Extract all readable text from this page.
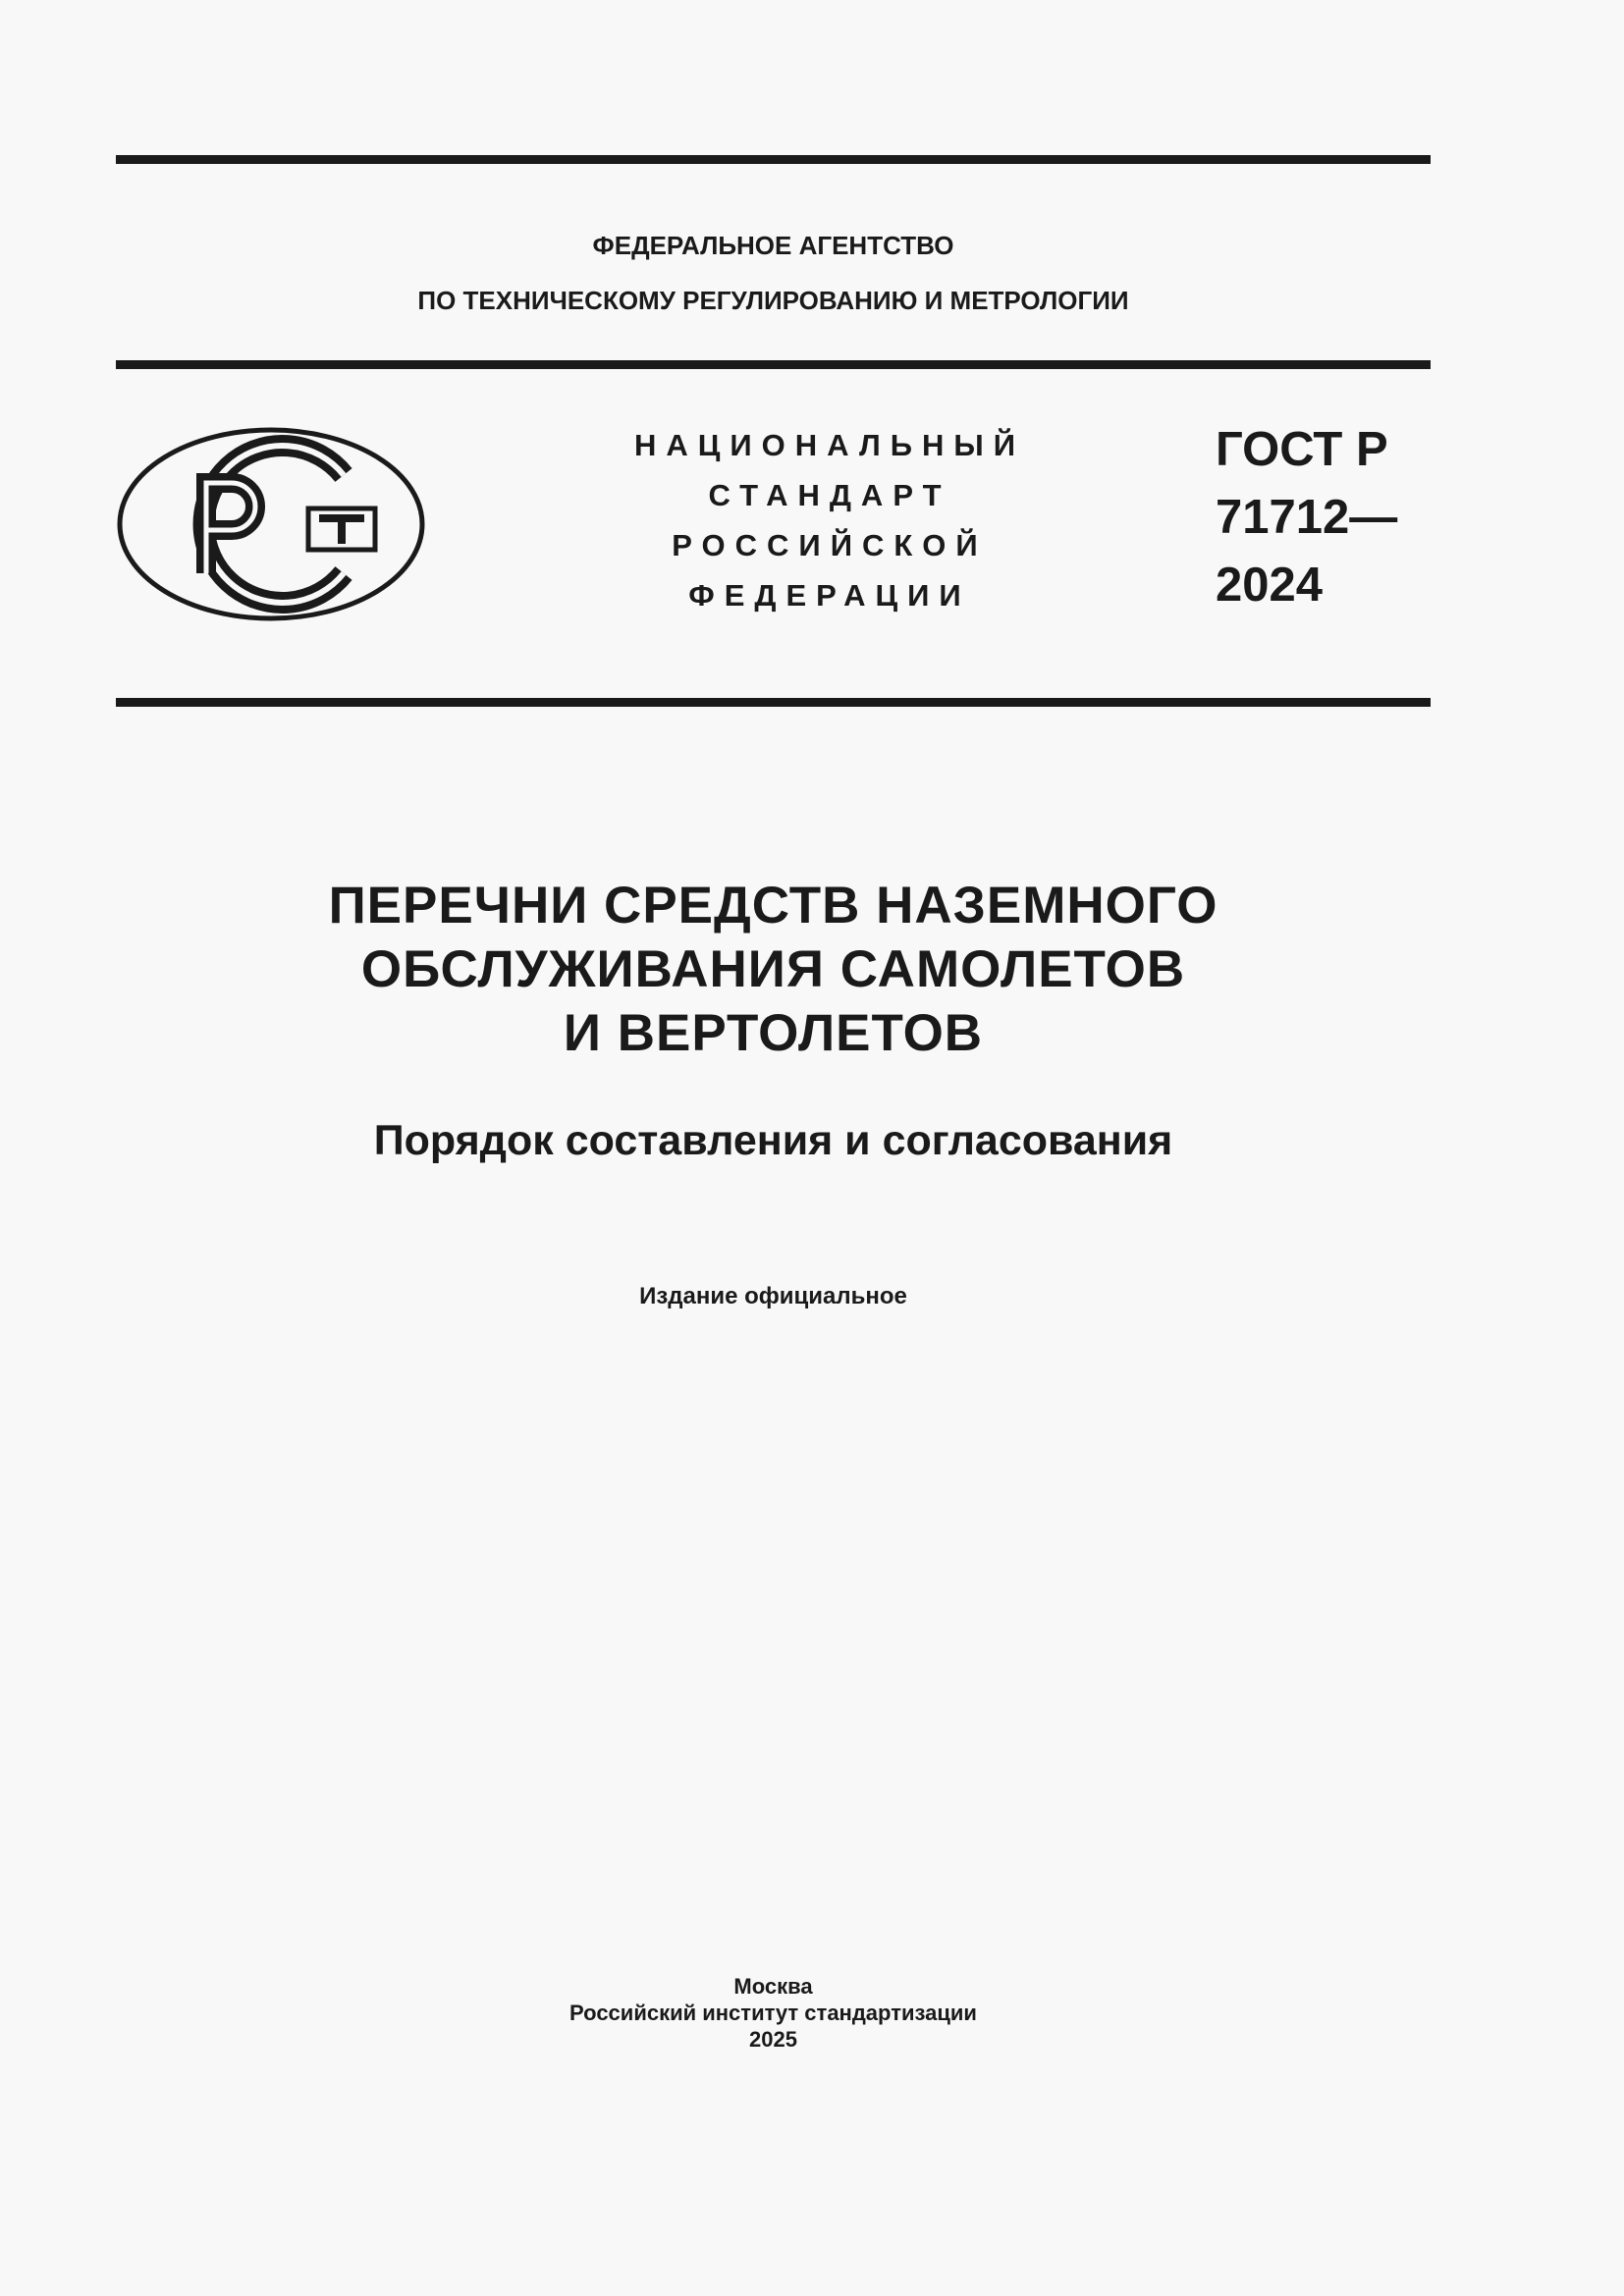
ФЕДЕРАЛЬНОЕ АГЕНТСТВО
ПО ТЕХНИЧЕСКОМУ РЕГУЛИРОВАНИЮ И МЕТРОЛОГИИ
НАЦИОНАЛЬНЫЙ
СТАНДАРТ
РОССИЙСКОЙ
ФЕДЕРАЦИИ
ГОСТ Р
71712—
2024
ПЕРЕЧНИ СРЕДСТВ НАЗЕМНОГО
ОБСЛУЖИВАНИЯ САМОЛЕТОВ
И ВЕРТОЛЕТОВ
Порядок составления и согласования
Издание официальное
Москва
Российский институт стандартизации
2025
